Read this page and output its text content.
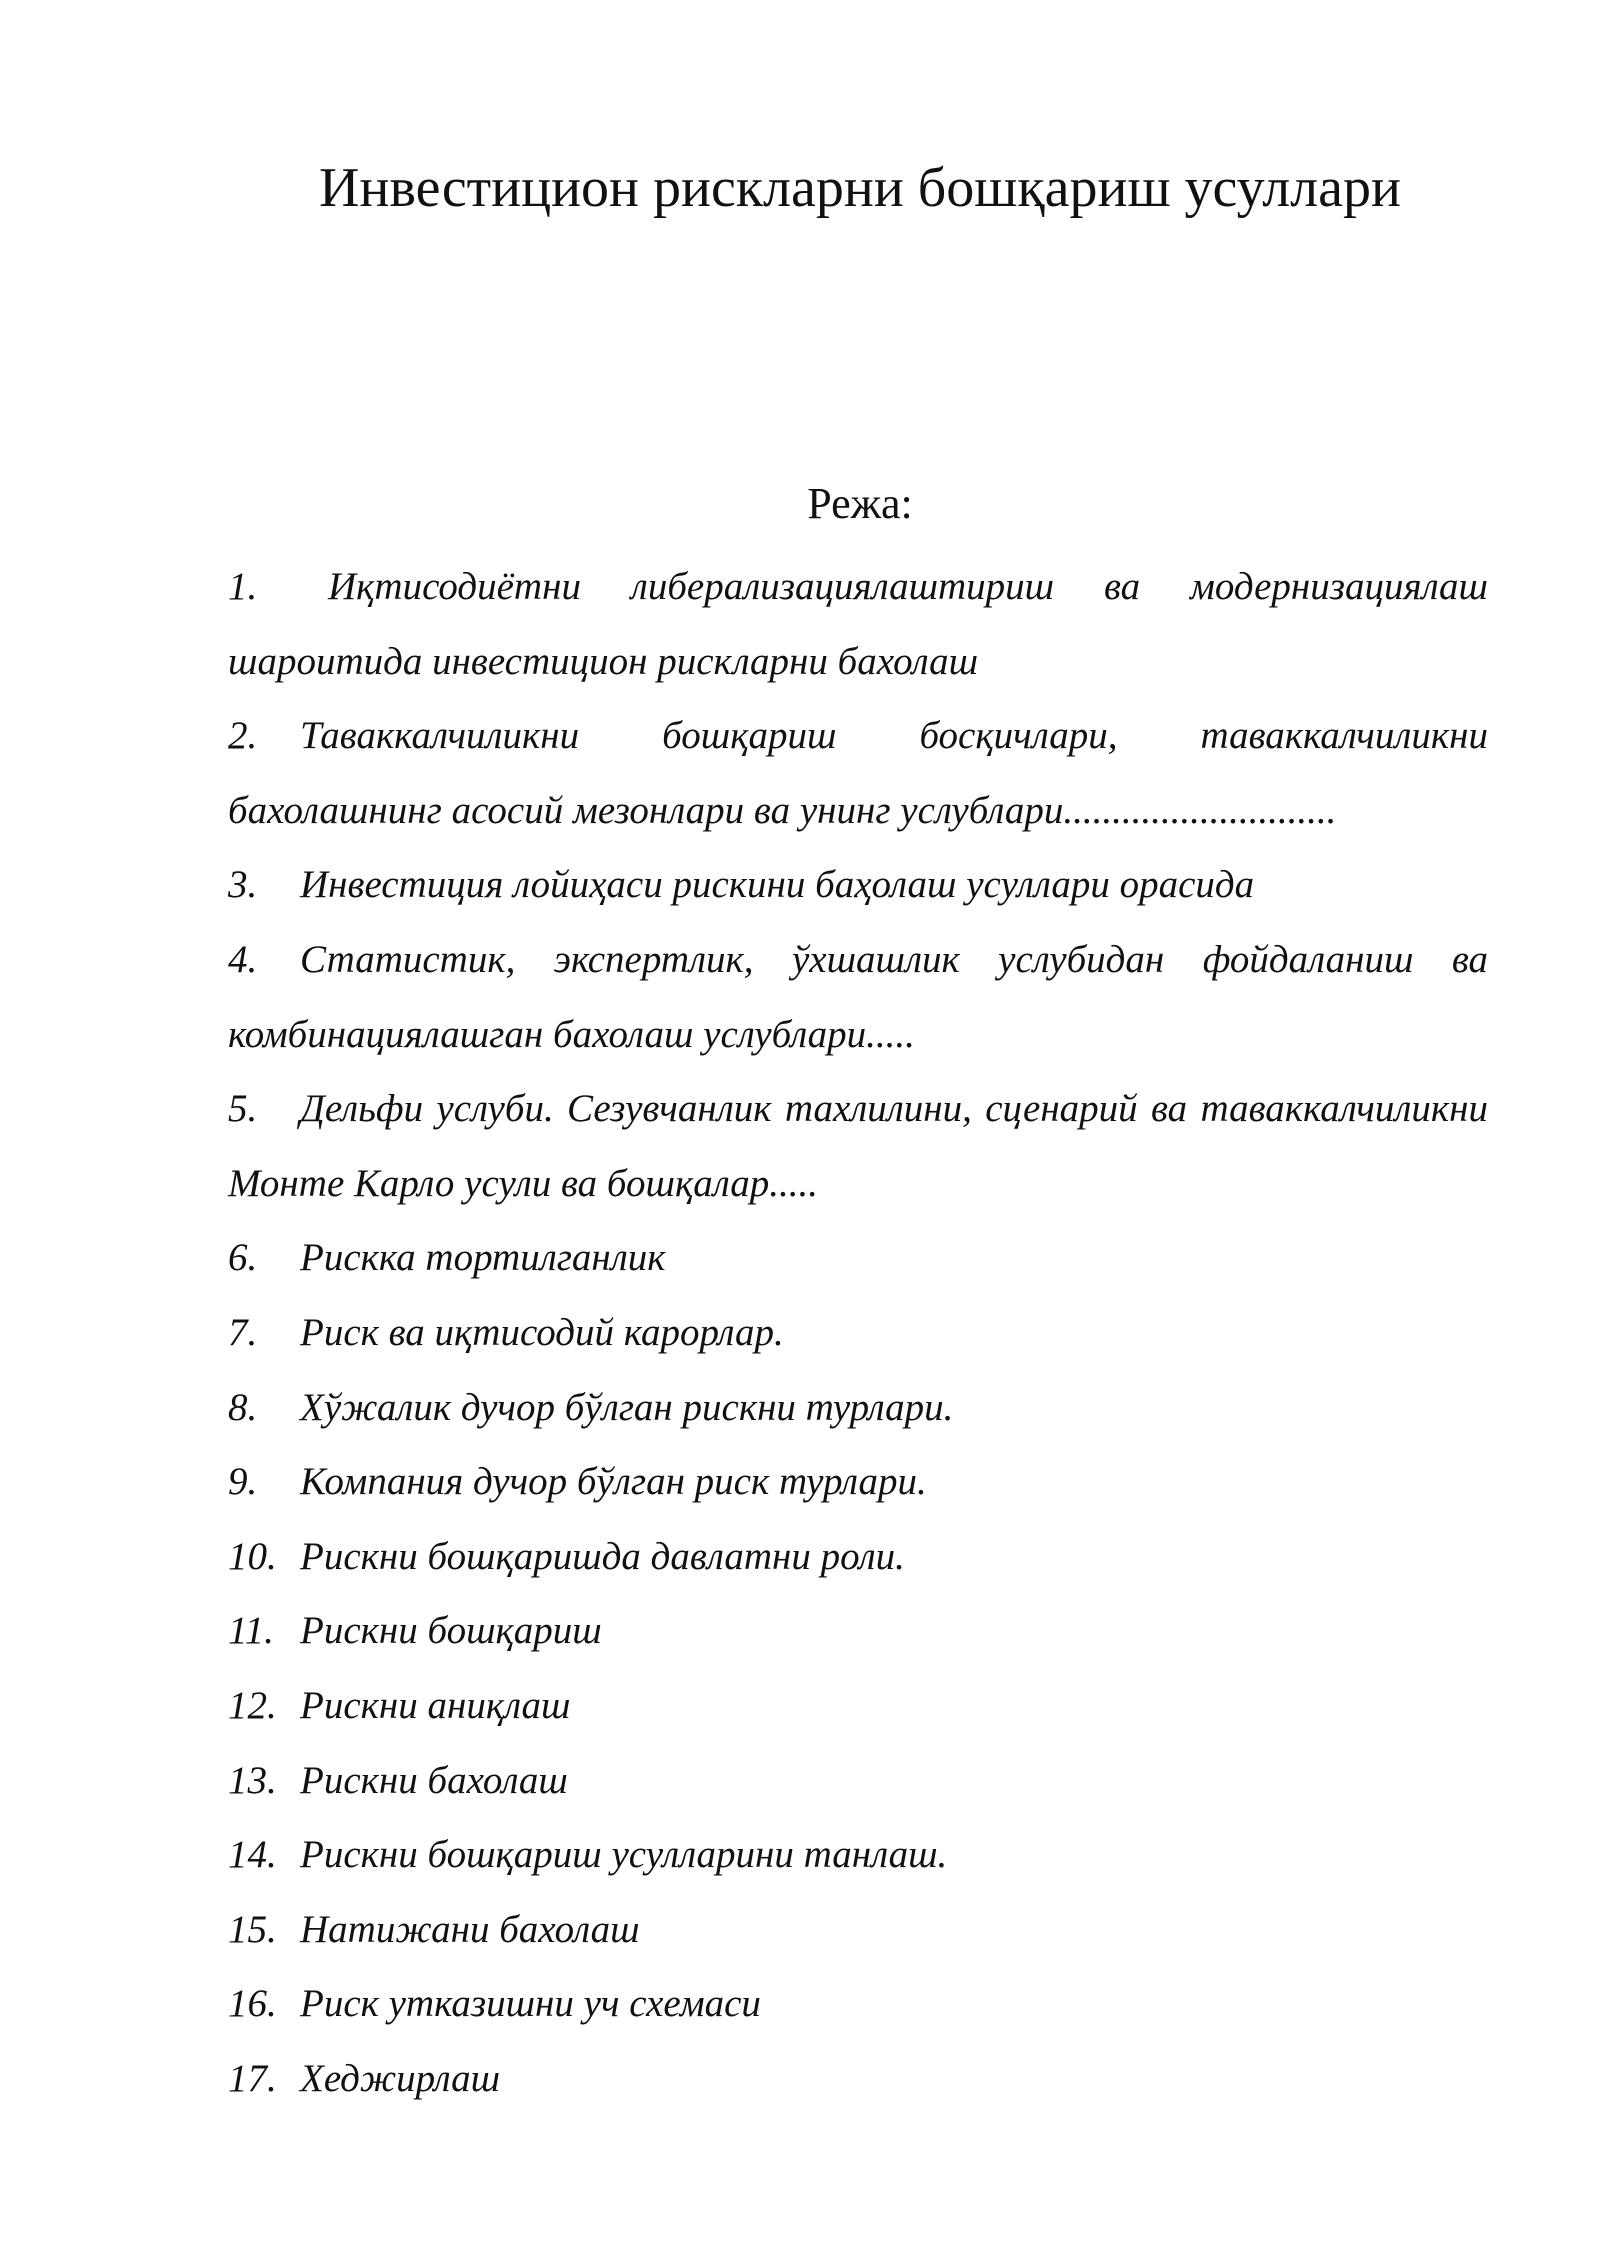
Инвестицион рискларни бошқариш усуллари
Режа:
1. Иқтисодиётни либерализациялаштириш ва модернизациялаш шароитида инвестицион рискларни бахолаш
2. Таваккалчиликни бошқариш босқичлари, таваккалчиликни бахолашнинг асосий мезонлари ва унинг услублари............................
3. Инвестиция лойиҳаси рискини баҳолаш усуллари орасида
4. Статистик, экспертлик, ўхшашлик услубидан фойдаланиш ва комбинациялашган бахолаш услублари.....
5. Дельфи услуби. Сезувчанлик тахлилини, сценарий ва таваккалчиликни Монте Карло усули ва бошқалар.....
6. Рискка тортилганлик
7. Риск ва иқтисодий карорлар.
8. Хўжалик дучор бўлган рискни турлари.
9. Компания дучор бўлган риск турлари.
10. Рискни бошқаришда давлатни роли.
11. Рискни бошқариш
12. Рискни аниқлаш
13. Рискни бахолаш
14. Рискни бошқариш усулларини танлаш.
15. Натижани бахолаш
16. Риск утказишни уч схемаси
17. Хеджирлаш
